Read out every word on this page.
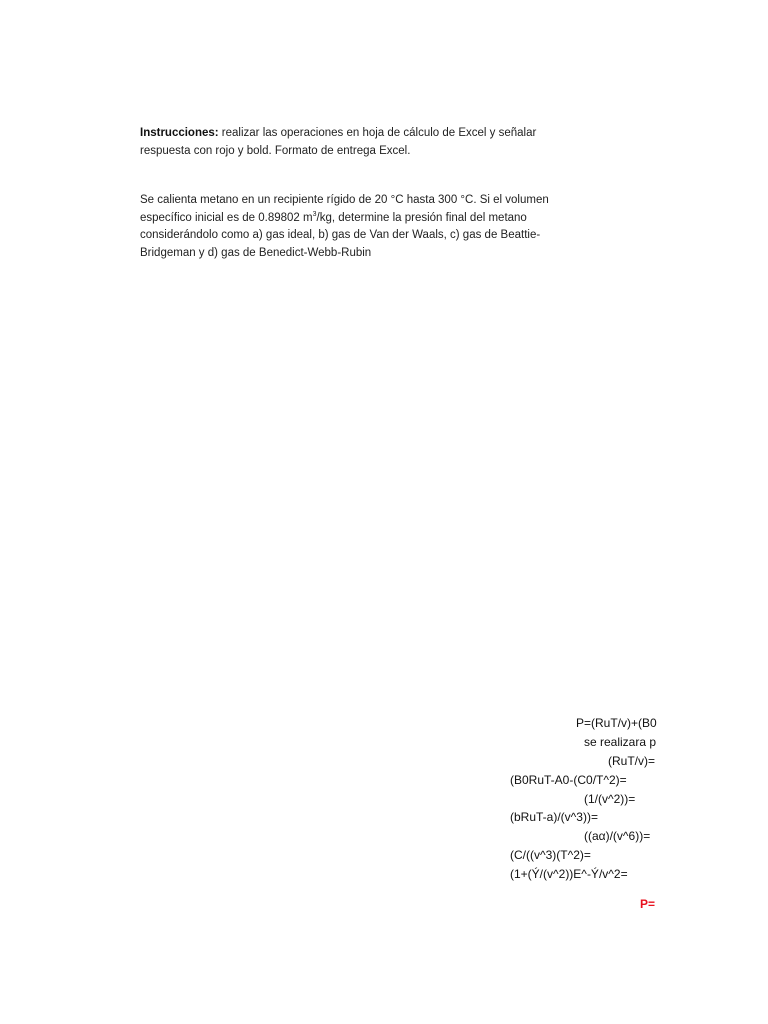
Instrucciones: realizar las operaciones en hoja de cálculo de Excel y señalar respuesta con rojo y bold. Formato de entrega Excel.
Se calienta metano en un recipiente rígido de 20 °C hasta 300 °C. Si el volumen específico inicial es de 0.89802 $m^3/kg$, determine la presión final del metano considerándolo como a) gas ideal, b) gas de Van der Waals, c) gas de Beattie-Bridgeman y d) gas de Benedict-Webb-Rubin
P=(RuT/v)+(B0
se realizara p
(RuT/v)=
(B0RuT-A0-(C0/T^2)=
(1/(v^2))=
(bRuT-a)/(v^3))=
((aα)/(v^6))=
(C/((v^3)(T^2)=
(1+(Ý/(v^2))E^-Ý/v^2=
P=
